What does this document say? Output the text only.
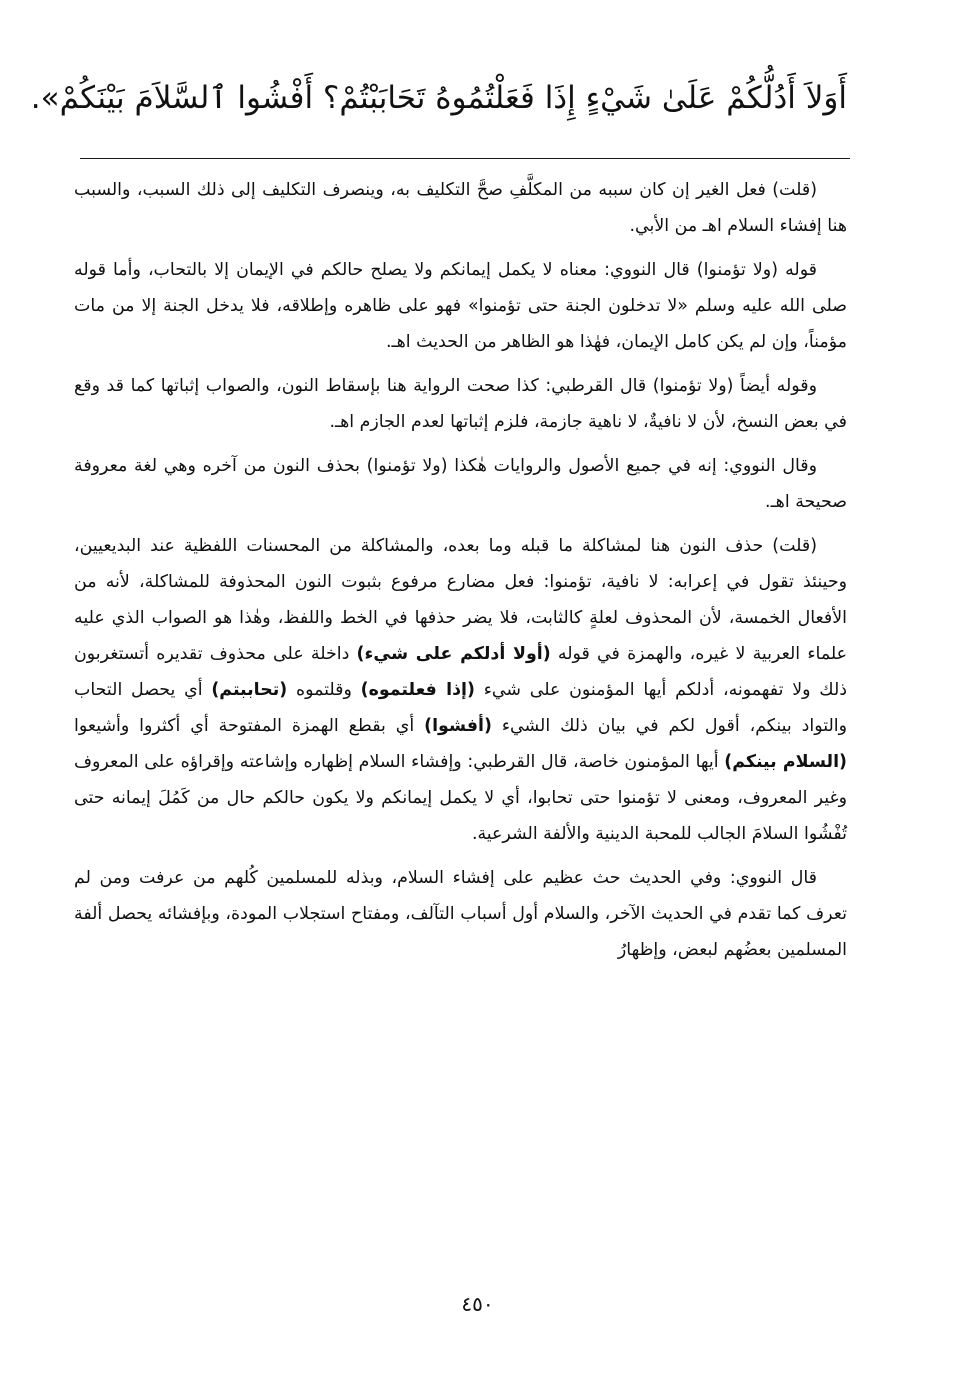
أَوَلاَ أَدُلُّكُمْ عَلَىٰ شَيْءٍ إِذَا فَعَلْتُمُوهُ تَحَابَبْتُمْ؟ أَفْشُوا ٱلسَّلاَمَ بَيْنَكُمْ».

(قلت) فعل الغير إن كان سببه من المكلَّفِ صحَّ التكليف به، وينصرف التكليف إلى ذلك السبب، والسبب هنا إفشاء السلام اهـ من الأبي.

قوله (ولا تؤمنوا) قال النووي: معناه لا يكمل إيمانكم ولا يصلح حالكم في الإيمان إلا بالتحاب، وأما قوله صلى الله عليه وسلم «لا تدخلون الجنة حتى تؤمنوا» فهو على ظاهره وإطلاقه، فلا يدخل الجنة إلا من مات مؤمناً، وإن لم يكن كامل الإيمان، فهٰذا هو الظاهر من الحديث اهـ.

وقوله أيضاً (ولا تؤمنوا) قال القرطبي: كذا صحت الرواية هنا بإسقاط النون، والصواب إثباتها كما قد وقع في بعض النسخ، لأن لا نافيةٌ، لا ناهية جازمة، فلزم إثباتها لعدم الجازم اهـ.

وقال النووي: إنه في جميع الأصول والروايات هٰكذا (ولا تؤمنوا) بحذف النون من آخره وهي لغة معروفة صحيحة اهـ.

(قلت) حذف النون هنا لمشاكلة ما قبله وما بعده، والمشاكلة من المحسنات اللفظية عند البديعيين، وحينئذ تقول في إعرابه: لا نافية، تؤمنوا: فعل مضارع مرفوع بثبوت النون المحذوفة للمشاكلة، لأنه من الأفعال الخمسة، لأن المحذوف لعلةٍ كالثابت، فلا يضر حذفها في الخط واللفظ، وهٰذا هو الصواب الذي عليه علماء العربية لا غيره، والهمزة في قوله (أولا أدلكم على شيء) داخلة على محذوف تقديره أتستغربون ذلك ولا تفهمونه، أدلكم أيها المؤمنون على شيء (إذا فعلتموه) وقلتموه (تحاببتم) أي يحصل التحاب والتواد بينكم، أقول لكم في بيان ذلك الشيء (أفشوا) أي بقطع الهمزة المفتوحة أي أكثروا وأشيعوا (السلام بينكم) أيها المؤمنون خاصة، قال القرطبي: وإفشاء السلام إظهاره وإشاعته وإقراؤه على المعروف وغير المعروف، ومعنى لا تؤمنوا حتى تحابوا، أي لا يكمل إيمانكم ولا يكون حالكم حال من كَمُلَ إيمانه حتى تُفْشُوا السلامَ الجالب للمحبة الدينية والألفة الشرعية.

قال النووي: وفي الحديث حث عظيم على إفشاء السلام، وبذله للمسلمين كُلهم من عرفت ومن لم تعرف كما تقدم في الحديث الآخر، والسلام أول أسباب التآلف، ومفتاح استجلاب المودة، وبإفشائه يحصل ألفة المسلمين بعضُهم لبعض، وإظهارُ

٤٥٠
